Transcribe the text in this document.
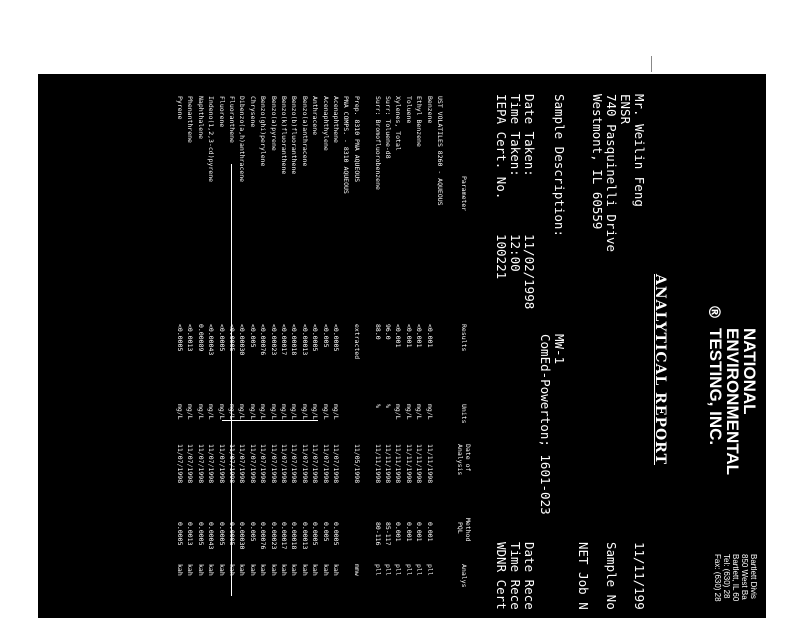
®
NATIONAL
ENVIRONMENTAL
TESTING, INC.
Bartlett Divis
850 West Ba
Bartlett, IL 60
Tel: (630) 28
Fax: (630) 28
ANALYTICAL REPORT
Mr. Weilin Feng
ENSR
740 Pasquinelli Drive
Westmont, IL 60559
11/11/199
Sample No
NET Job N
Sample Description:
MW-1
ComEd-Powerton; 1601-023
Date Taken:
11/02/1998
Time Taken:
12:00
IEPA Cert. No.
100221
Date Rece
Time Rece
WDNR Cert
Parameter
Results
Units
Date of
Analysis
Method
PQL
Analys
UST VOLATILES 8260 - AQUEOUS
Benzene
<0.001
mg/L
11/11/1998
0.001
pll
Ethyl Benzene
<0.001
mg/L
11/11/1998
0.001
pll
Toluene
<0.001
mg/L
11/11/1998
0.001
pll
Xylenes, Total
<0.001
mg/L
11/11/1998
0.001
pll
Surr: Toluene-d8
96.0
%
11/11/1998
85-117
pll
Surr: Bromofluorobenzene
88.0
%
11/11/1998
80-116
pll
Prep. 8310 PNA AQUEOUS
extracted
11/05/1998
mmw
PNA COMPS. - 8310 AQUEOUS
Acenaphthene
<0.0005
mg/L
11/07/1998
0.0005
kah
Acenaphthylene
<0.005
mg/L
11/07/1998
0.005
kah
Anthracene
<0.0005
mg/L
11/07/1998
0.0005
kah
Benzo(a)anthracene
<0.00013
mg/L
11/07/1998
0.00013
kah
Benzo(b)fluoranthene
<0.00018
mg/L
11/07/1998
0.00018
kah
Benzo(k)fluoranthene
<0.00017
mg/L
11/07/1998
0.00017
kah
Benzo(a)pyrene
<0.00023
mg/L
11/07/1998
0.00023
kah
Benzo(ghi)perylene
<0.00076
mg/L
11/07/1998
0.00076
kah
Chrysene
<0.005
mg/L
11/07/1998
0.005
kah
Dibenzo(a,h)anthracene
<0.00030
mg/L
11/07/1998
0.00030
kah
Fluoranthene
<0.0005
mg/L
11/07/1998
0.0005
kah
Fluorene
<0.0005
mg/L
11/07/1998
0.0005
kah
Indeno(1,2,3-cd)pyrene
<0.00043
mg/L
11/07/1998
0.00043
kah
Naphthalene
0.00089
mg/L
11/07/1998
0.0005
kah
Phenanthrene
<0.0013
mg/L
11/07/1998
0.0013
kah
Pyrene
<0.0005
mg/L
11/07/1998
0.0005
kah
